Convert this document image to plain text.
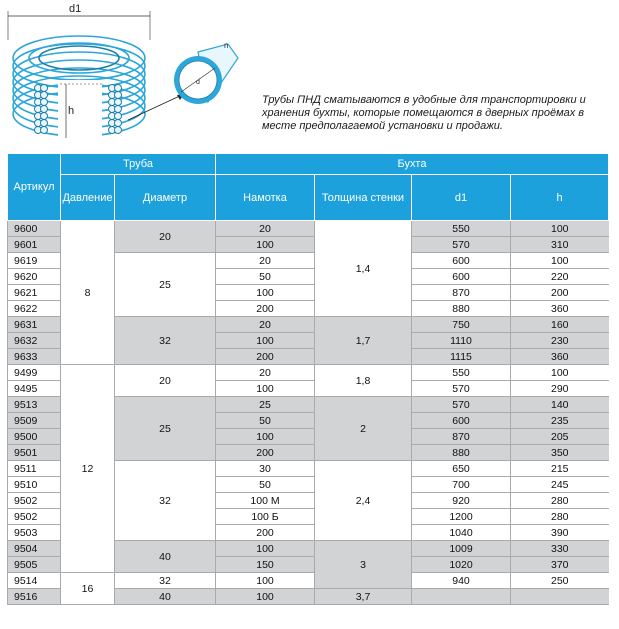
d1
h
d
n
Трубы ПНД сматываются в удобные для транспортировки и хранения бухты, которые помещаются в дверных проёмах в месте предполагаемой установки и продажи.
Артикул	Труба		Бухта			
	Давление	Диаметр	Намотка	Толщина стенки	d1	h
9600	8	20	20	1,4	550	100
9601			100		570	310
9619		25	20		600	100
9620			50		600	220
9621			100		870	200
9622			200		880	360
9631		32	20	1,7	750	160
9632			100		1110	230
9633			200		1115	360
9499	12	20	20	1,8	550	100
9495			100		570	290
9513		25	25	2	570	140
9509			50		600	235
9500			100		870	205
9501			200		880	350
9511		32	30	2,4	650	215
9510			50		700	245
9502			100 М		920	280
9502			100 Б		1200	280
9503			200		1040	390
9504		40	100	3	1009	330
9505			150		1020	370
9514	16	32	100		940	250
9516		40	100	3,7		
